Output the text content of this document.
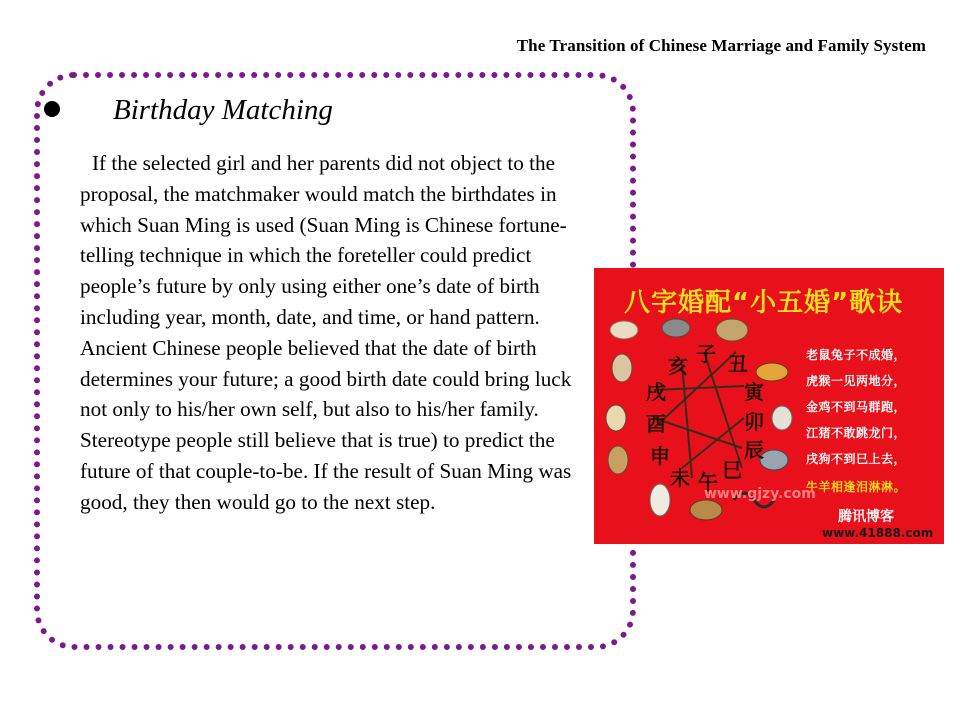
The Transition of Chinese Marriage and Family System
Birthday Matching
If the selected girl and her parents did not object to the proposal, the matchmaker would match the birthdates in which Suan Ming is used (Suan Ming is Chinese fortune-telling technique in which the foreteller could predict people’s future by only using either one’s date of birth including year, month, date, and time, or hand pattern. Ancient Chinese people believed that the date of birth determines your future; a good birth date could bring luck not only to his/her own self, but also to his/her family. Stereotype people still believe that is true) to predict the future of that couple-to-be. If the result of Suan Ming was good, they then would go to the next step.
八字婚配“小五婚”歌诀
亥 子 丑
寅
卯
辰
巳
午
未
申
酉
戌
老鼠兔子不成婚，
虎猴一见两地分，
金鸡不到马群跑，
江猪不敢跳龙门，
戌狗不到巳上去，
牛羊相逢泪淋淋。
www.gjzy.com
腾讯博客
www.41888.com
